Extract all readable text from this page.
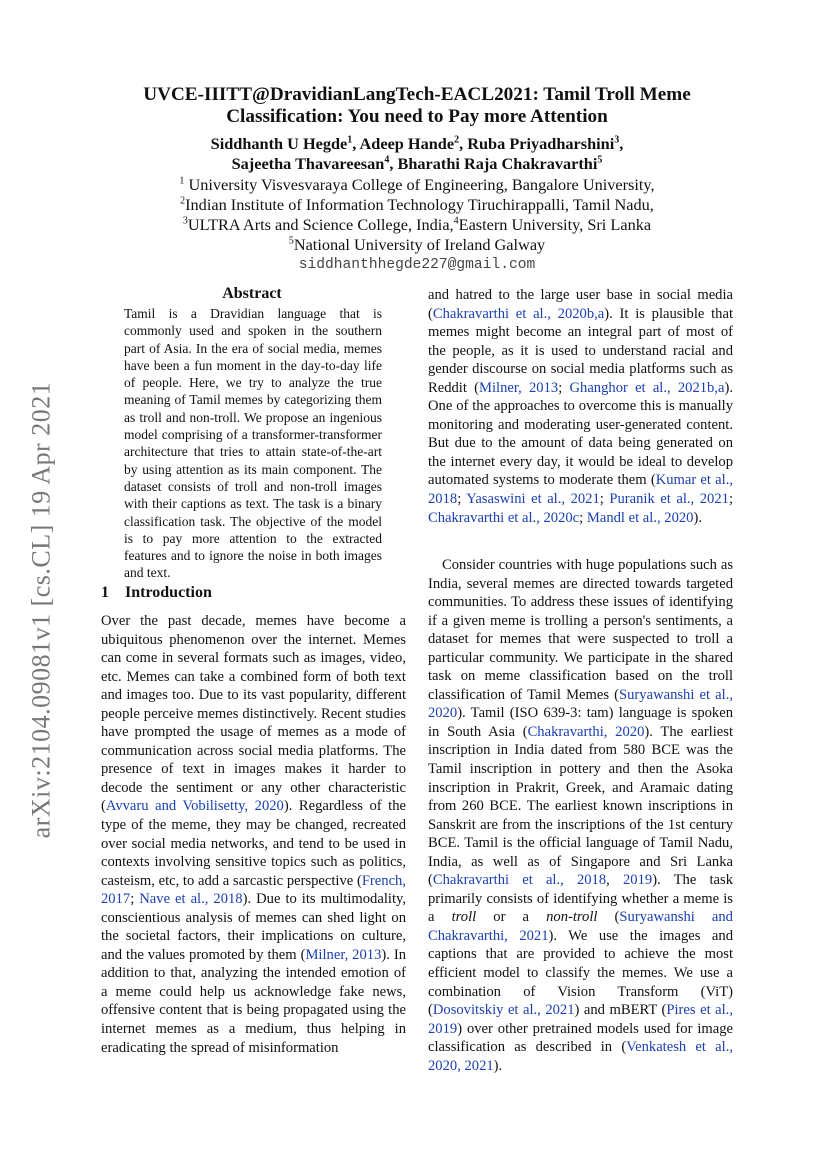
arXiv:2104.09081v1 [cs.CL] 19 Apr 2021
UVCE-IIITT@DravidianLangTech-EACL2021: Tamil Troll Meme Classification: You need to Pay more Attention
Siddhanth U Hegde$^1$, Adeep Hande$^2$, Ruba Priyadharshini$^3$,
Sajeetha Thavareesan$^4$, Bharathi Raja Chakravarthi$^5$
$^1$ University Visvesvaraya College of Engineering, Bangalore University,
$^2$Indian Institute of Information Technology Tiruchirappalli, Tamil Nadu,
$^3$ULTRA Arts and Science College, India,$^4$Eastern University, Sri Lanka
$^5$National University of Ireland Galway
siddhanthhegde227@gmail.com
Abstract

Tamil is a Dravidian language that is commonly used and spoken in the southern part of Asia. In the era of social media, memes have been a fun moment in the day-to-day life of people. Here, we try to analyze the true meaning of Tamil memes by categorizing them as troll and non-troll. We propose an ingenious model comprising of a transformer-transformer architecture that tries to attain state-of-the-art by using attention as its main component. The dataset consists of troll and non-troll images with their captions as text. The task is a binary classification task. The objective of the model is to pay more attention to the extracted features and to ignore the noise in both images and text.

1 Introduction

Over the past decade, memes have become a ubiquitous phenomenon over the internet. Memes can come in several formats such as images, video, etc. Memes can take a combined form of both text and images too. Due to its vast popularity, different people perceive memes distinctively. Recent studies have prompted the usage of memes as a mode of communication across social media platforms. The presence of text in images makes it harder to decode the sentiment or any other characteristic (Avvaru and Vobilisetty, 2020). Regardless of the type of the meme, they may be changed, recreated over social media networks, and tend to be used in contexts involving sensitive topics such as politics, casteism, etc, to add a sarcastic perspective (French, 2017; Nave et al., 2018). Due to its multimodality, conscientious analysis of memes can shed light on the societal factors, their implications on culture, and the values promoted by them (Milner, 2013). In addition to that, analyzing the intended emotion of a meme could help us acknowledge fake news, offensive content that is being propagated using the internet memes as a medium, thus helping in eradicating the spread of misinformation

and hatred to the large user base in social media (Chakravarthi et al., 2020b,a). It is plausible that memes might become an integral part of most of the people, as it is used to understand racial and gender discourse on social media platforms such as Reddit (Milner, 2013; Ghanghor et al., 2021b,a). One of the approaches to overcome this is manually monitoring and moderating user-generated content. But due to the amount of data being generated on the internet every day, it would be ideal to develop automated systems to moderate them (Kumar et al., 2018; Yasaswini et al., 2021; Puranik et al., 2021; Chakravarthi et al., 2020c; Mandl et al., 2020).

Consider countries with huge populations such as India, several memes are directed towards targeted communities. To address these issues of identifying if a given meme is trolling a person's sentiments, a dataset for memes that were suspected to troll a particular community. We participate in the shared task on meme classification based on the troll classification of Tamil Memes (Suryawanshi et al., 2020). Tamil (ISO 639-3: tam) language is spoken in South Asia (Chakravarthi, 2020). The earliest inscription in India dated from 580 BCE was the Tamil inscription in pottery and then the Asoka inscription in Prakrit, Greek, and Aramaic dating from 260 BCE. The earliest known inscriptions in Sanskrit are from the inscriptions of the 1st century BCE. Tamil is the official language of Tamil Nadu, India, as well as of Singapore and Sri Lanka (Chakravarthi et al., 2018, 2019). The task primarily consists of identifying whether a meme is a troll or a non-troll (Suryawanshi and Chakravarthi, 2021). We use the images and captions that are provided to achieve the most efficient model to classify the memes. We use a combination of Vision Transform (ViT) (Dosovitskiy et al., 2021) and mBERT (Pires et al., 2019) over other pretrained models used for image classification as described in (Venkatesh et al., 2020, 2021).
